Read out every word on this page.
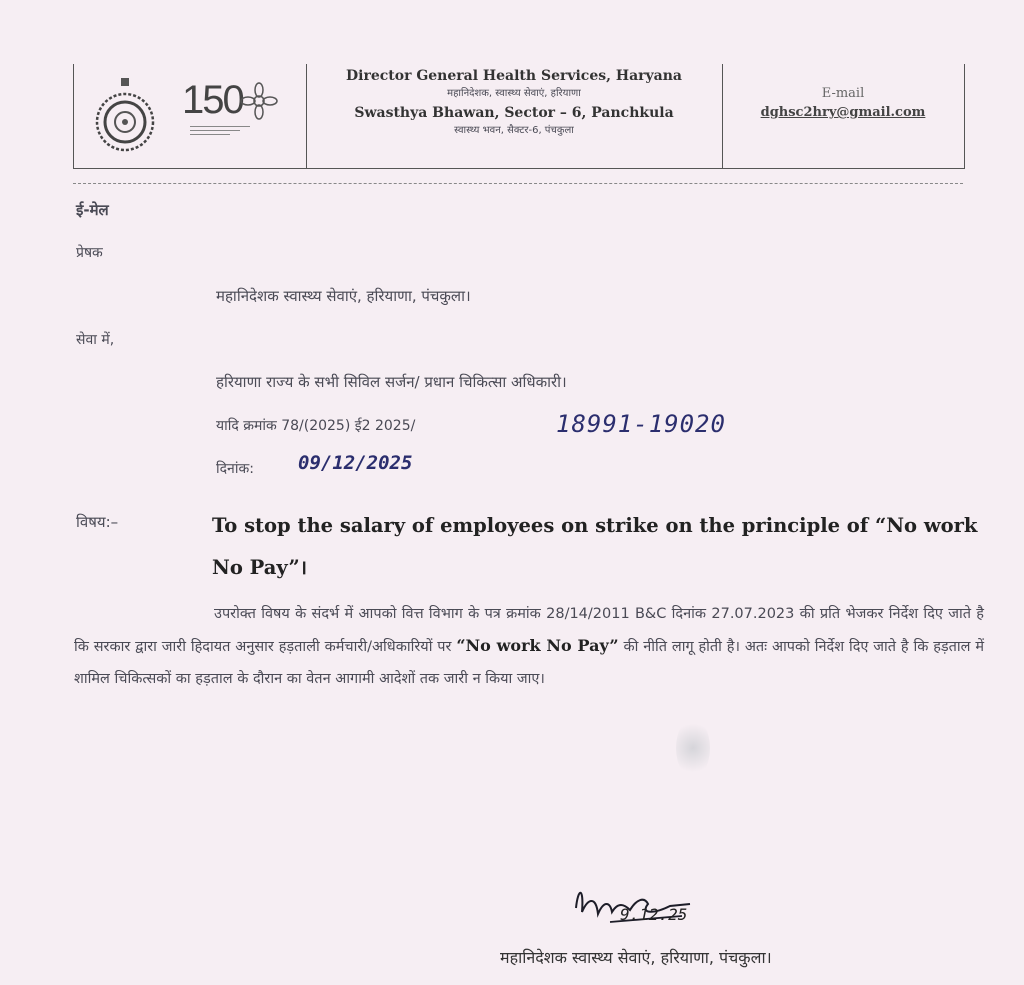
150
Director General Health Services, Haryana
महानिदेशक, स्वास्थ्य सेवाएं, हरियाणा
Swasthya Bhawan, Sector – 6, Panchkula
स्वास्थ्य भवन, सैक्टर-6, पंचकुला
E-mail
dghsc2hry@gmail.com
ई-मेल
प्रेषक
महानिदेशक स्वास्थ्य सेवाएं, हरियाणा, पंचकुला।
सेवा में,
हरियाणा राज्य के सभी सिविल सर्जन/ प्रधान चिकित्सा अधिकारी।
यादि क्रमांक 78/(2025) ई2 2025/	18991-19020
दिनांक: 09/12/2025
विषय:–	To stop the salary of employees on strike on the principle of “No work No Pay”।
उपरोक्त विषय के संदर्भ में आपको वित्त विभाग के पत्र क्रमांक 28/14/2011 B&C दिनांक 27.07.2023 की प्रति भेजकर निर्देश दिए जाते है कि सरकार द्वारा जारी हिदायत अनुसार हड़ताली कर्मचारी/अधिकारियों पर “No work No Pay” की नीति लागू होती है। अतः आपको निर्देश दिए जाते है कि हड़ताल में शामिल चिकित्सकों का हड़ताल के दौरान का वेतन आगामी आदेशों तक जारी न किया जाए।
9.12.25
महानिदेशक स्वास्थ्य सेवाएं, हरियाणा, पंचकुला।
